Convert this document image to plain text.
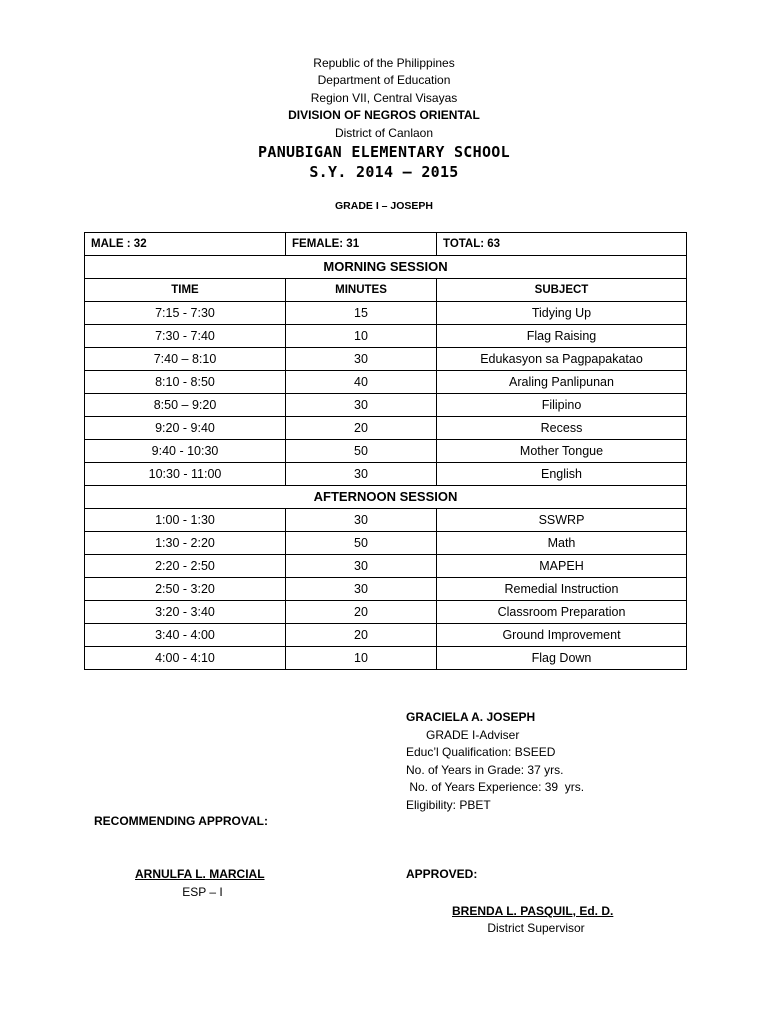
Republic of the Philippines
Department of Education
Region VII, Central Visayas
DIVISION OF NEGROS ORIENTAL
District of Canlaon
PANUBIGAN ELEMENTARY SCHOOL
S.Y. 2014 – 2015
GRADE I – JOSEPH
MALE : 32	FEMALE: 31	TOTAL: 63
MORNING SESSION		
TIME	MINUTES	SUBJECT
7:15 - 7:30	15	Tidying Up
7:30 - 7:40	10	Flag Raising
7:40 – 8:10	30	Edukasyon sa Pagpapakatao
8:10 - 8:50	40	Araling Panlipunan
8:50 – 9:20	30	Filipino
9:20 - 9:40	20	Recess
9:40 - 10:30	50	Mother Tongue
10:30 - 11:00	30	English
AFTERNOON SESSION		
1:00 - 1:30	30	SSWRP
1:30 - 2:20	50	Math
2:20 - 2:50	30	MAPEH
2:50 - 3:20	30	Remedial Instruction
3:20 - 3:40	20	Classroom Preparation
3:40 - 4:00	20	Ground Improvement
4:00 - 4:10	10	Flag Down
GRACIELA A. JOSEPH
GRADE I-Adviser
Educ’l Qualification: BSEED
No. of Years in Grade: 37 yrs.
No. of Years Experience: 39  yrs.
Eligibility: PBET
RECOMMENDING APPROVAL:
ARNULFA L. MARCIAL
ESP – I
APPROVED:
BRENDA L. PASQUIL, Ed. D.
District Supervisor
